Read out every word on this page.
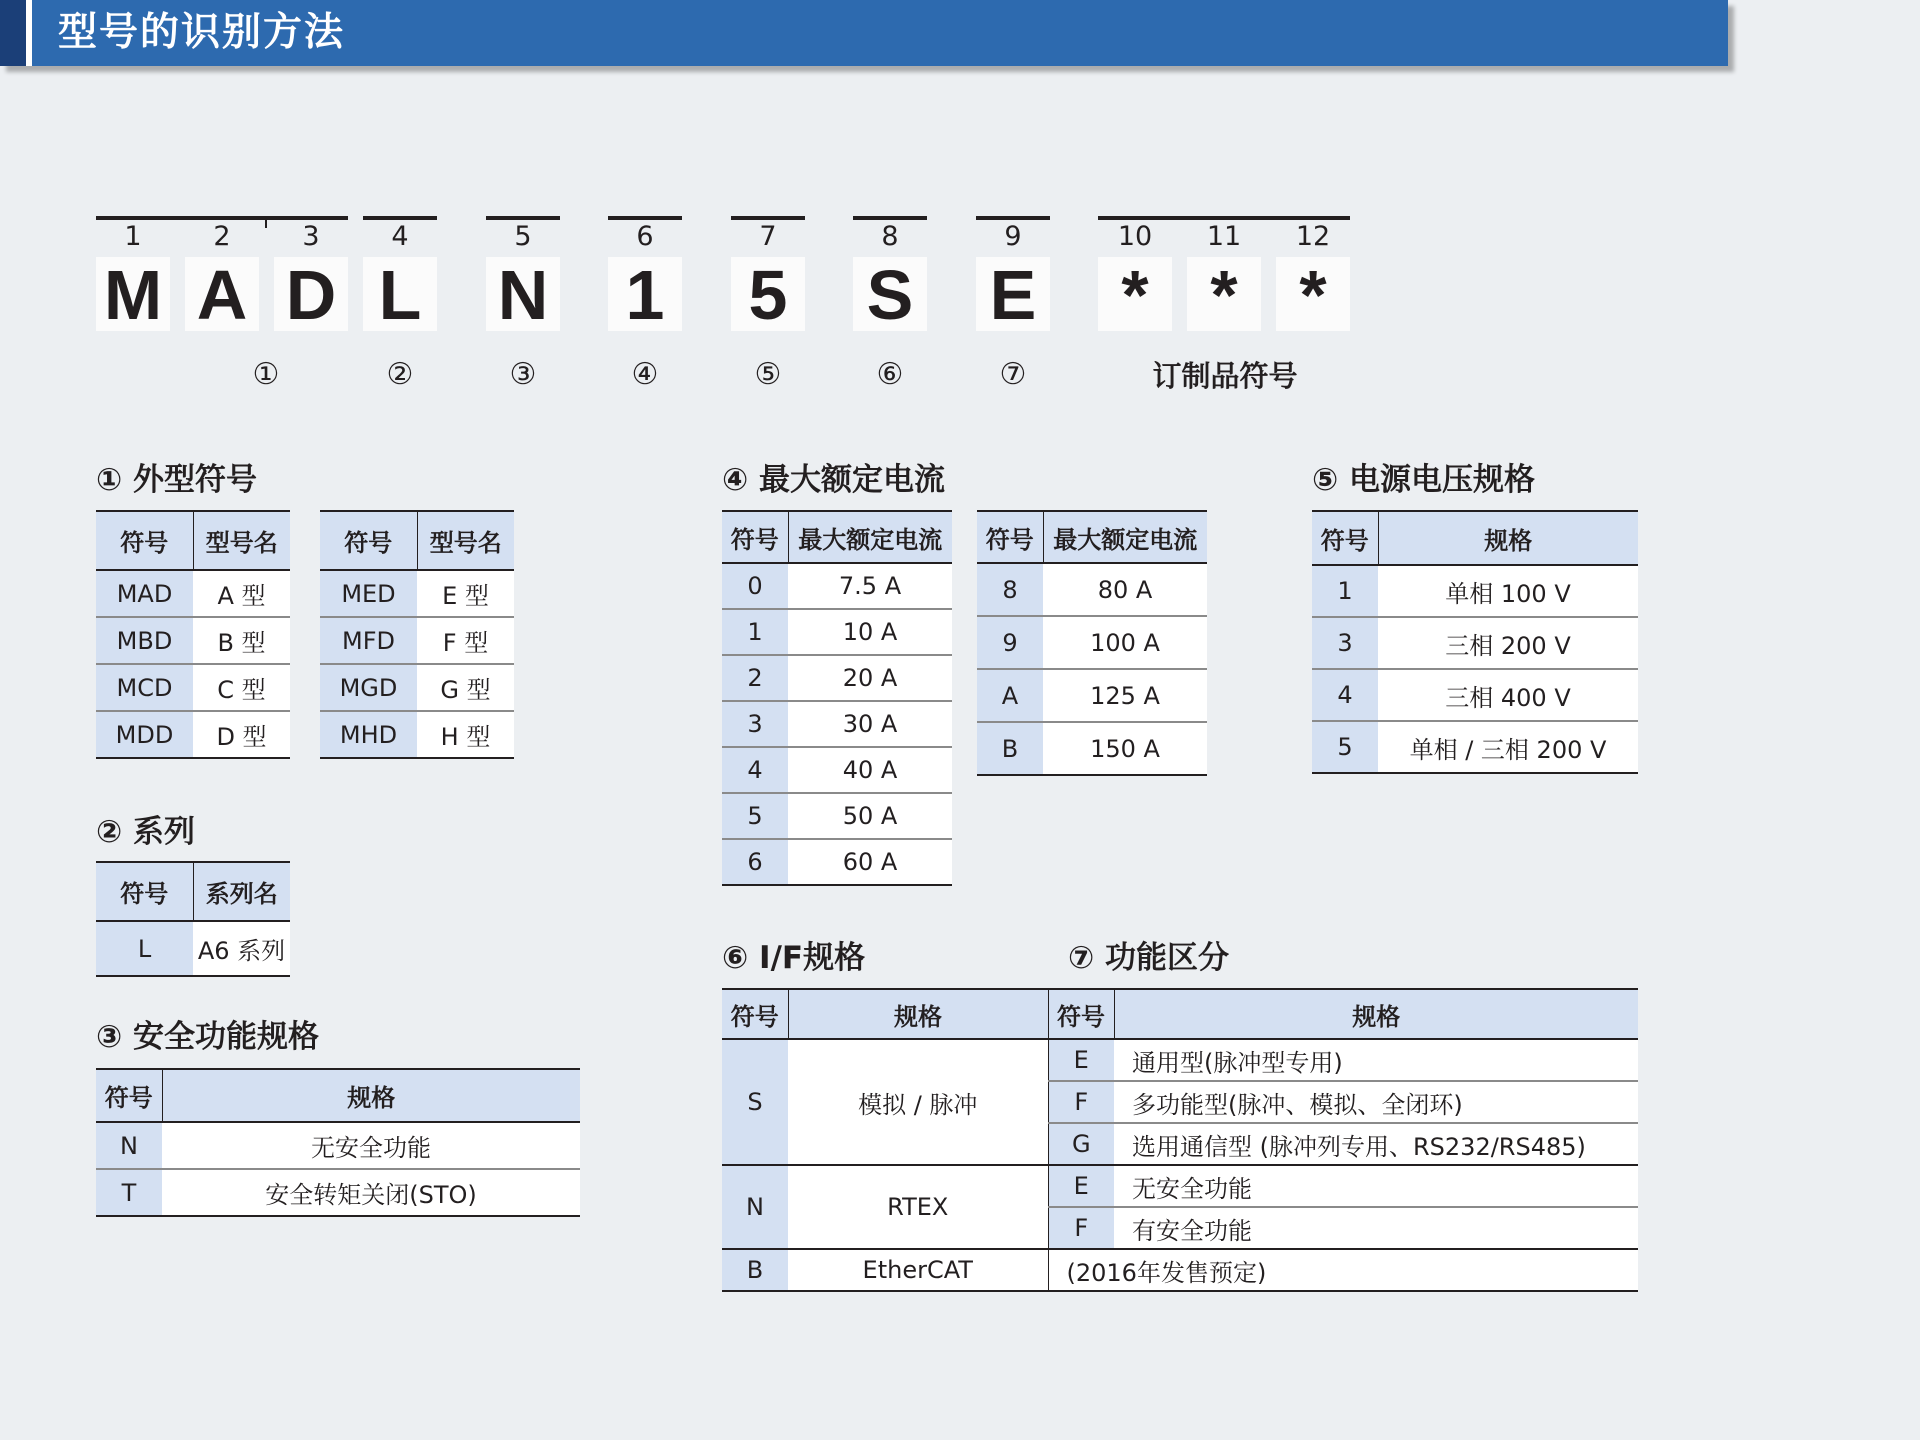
型号的识别方法
1	2	3	4	5	6	7	8	9	10	11	12
M A D L N 1 5 S E	* * *
①	②	③	④	⑤	⑥	⑦	订制品符号
① 外型符号
符号	型号名
MAD	A 型
MBD	B 型
MCD	C 型
MDD	D 型
符号	型号名
MED	E 型
MFD	F 型
MGD	G 型
MHD	H 型
② 系列
符号	系列名
L	A6 系列
③ 安全功能规格
符号	规格
N	无安全功能
T	安全转矩关闭(STO)
④ 最大额定电流
符号	最大额定电流
0	7.5 A
1	10 A
2	20 A
3	30 A
4	40 A
5	50 A
6	60 A
符号	最大额定电流
8	80 A
9	100 A
A	125 A
B	150 A
⑤ 电源电压规格
符号	规格
1	单相 100 V
3	三相 200 V
4	三相 400 V
5	单相 / 三相 200 V
⑥ I/F规格	⑦ 功能区分
符号	规格	符号	规格
S	模拟 / 脉冲	E	通用型(脉冲型专用)
		F	多功能型(脉冲、模拟、全闭环)
		G	选用通信型 (脉冲列专用、RS232/RS485)
N	RTEX	E	无安全功能
		F	有安全功能
B	EtherCAT	(2016年发售预定)	
